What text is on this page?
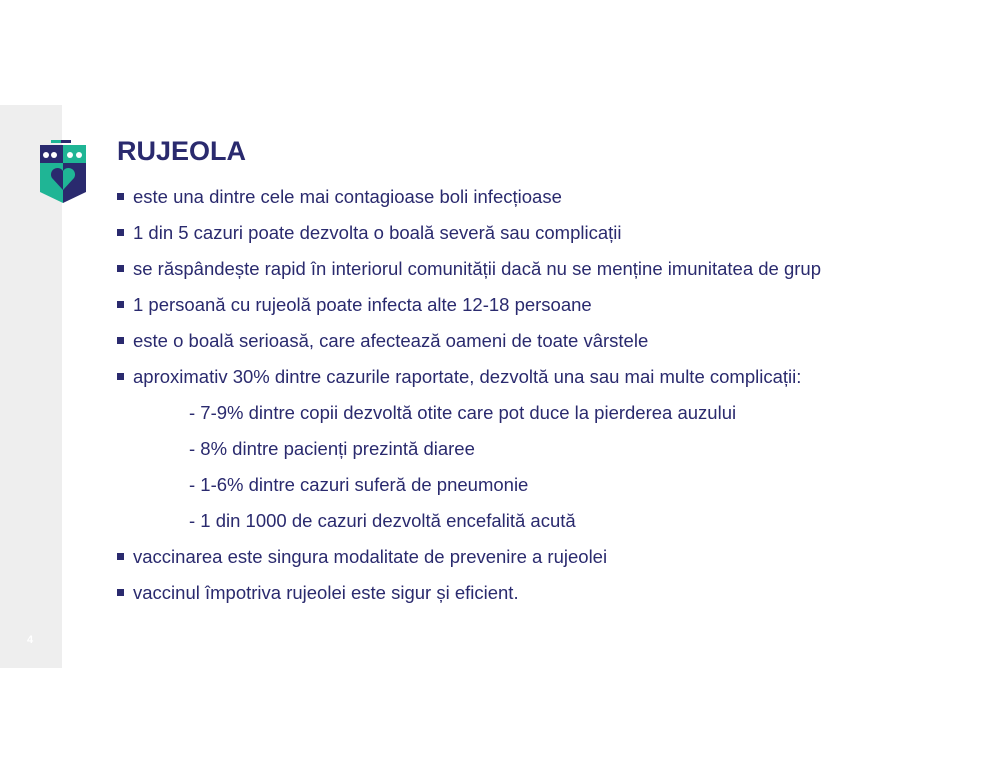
4
RUJEOLA
este una dintre cele mai contagioase boli infecțioase
1 din 5 cazuri poate dezvolta o boală severă sau complicații
se răspândește rapid în interiorul comunității dacă nu se menține imunitatea de grup
1 persoană cu rujeolă poate infecta alte 12-18 persoane
este o boală serioasă, care afectează oameni de toate vârstele
aproximativ 30% dintre cazurile raportate, dezvoltă una sau mai multe complicații:
- 7-9% dintre copii dezvoltă otite care pot duce la pierderea auzului
- 8% dintre pacienți prezintă diaree
- 1-6% dintre cazuri suferă de pneumonie
- 1 din 1000 de cazuri dezvoltă encefalită acută
vaccinarea este singura modalitate de prevenire a rujeolei
vaccinul împotriva rujeolei este sigur și eficient.
